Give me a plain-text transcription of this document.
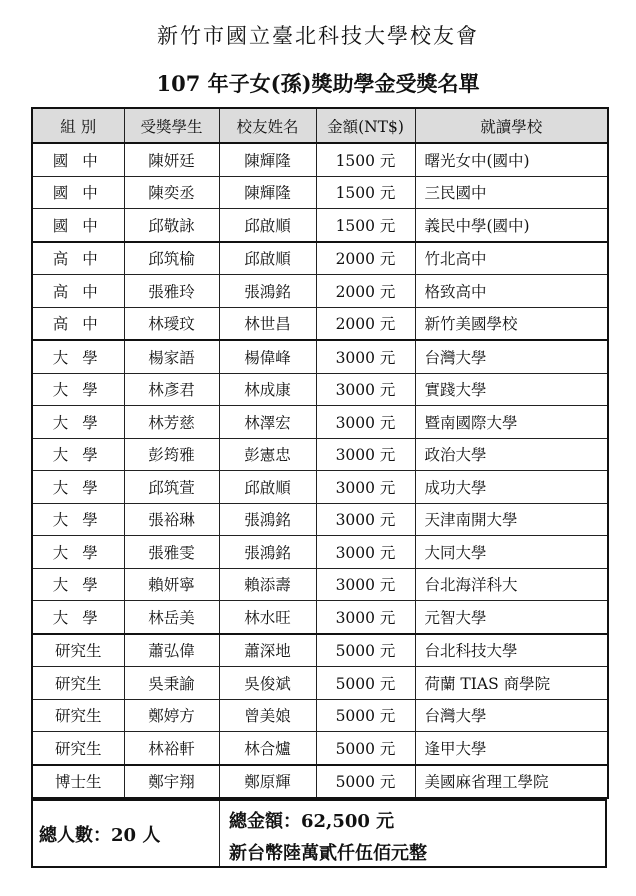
新竹市國立臺北科技大學校友會
107 年子女(孫)獎助學金受獎名單
組 別	受獎學生	校友姓名	金額(NT$)	就讀學校
國中	陳妍廷	陳輝隆	1500 元	曙光女中(國中)
國中	陳奕丞	陳輝隆	1500 元	三民國中
國中	邱敬詠	邱啟順	1500 元	義民中學(國中)
高中	邱筑榆	邱啟順	2000 元	竹北高中
高中	張雅玲	張鴻銘	2000 元	格致高中
高中	林璦玟	林世昌	2000 元	新竹美國學校
大學	楊家語	楊偉峰	3000 元	台灣大學
大學	林彥君	林成康	3000 元	實踐大學
大學	林芳慈	林澤宏	3000 元	暨南國際大學
大學	彭筠雅	彭憲忠	3000 元	政治大學
大學	邱筑萱	邱啟順	3000 元	成功大學
大學	張裕琳	張鴻銘	3000 元	天津南開大學
大學	張雅雯	張鴻銘	3000 元	大同大學
大學	賴妍寧	賴添壽	3000 元	台北海洋科大
大學	林岳美	林水旺	3000 元	元智大學
研究生	蕭弘偉	蕭深地	5000 元	台北科技大學
研究生	吳秉諭	吳俊斌	5000 元	荷蘭 TIAS 商學院
研究生	鄭婷方	曾美娘	5000 元	台灣大學
研究生	林裕軒	林合爐	5000 元	逢甲大學
博士生	鄭宇翔	鄭原輝	5000 元	美國麻省理工學院
總人數：20 人
總金額：62,500 元
新台幣陸萬貳仟伍佰元整
